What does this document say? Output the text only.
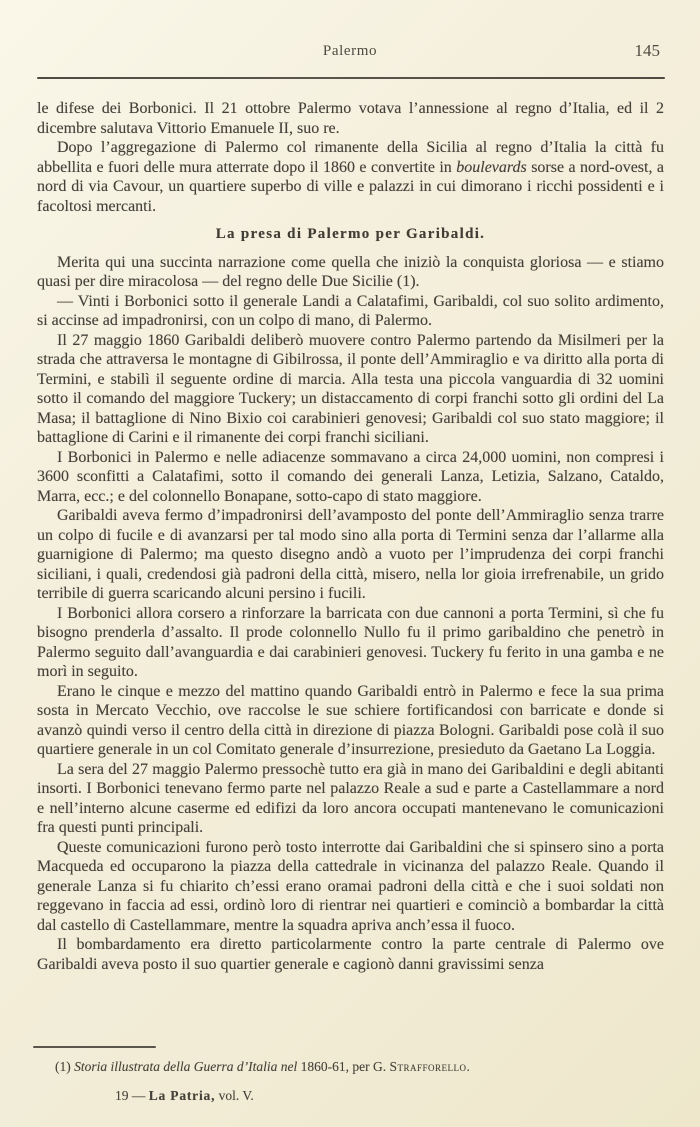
Palermo	145

le difese dei Borbonici. Il 21 ottobre Palermo votava l’annessione al regno d’Italia, ed il 2 dicembre salutava Vittorio Emanuele II, suo re.

Dopo l’aggregazione di Palermo col rimanente della Sicilia al regno d’Italia la città fu abbellita e fuori delle mura atterrate dopo il 1860 e convertite in boulevards sorse a nord-ovest, a nord di via Cavour, un quartiere superbo di ville e palazzi in cui dimorano i ricchi possidenti e i facoltosi mercanti.

La presa di Palermo per Garibaldi.

Merita qui una succinta narrazione come quella che iniziò la conquista gloriosa — e stiamo quasi per dire miracolosa — del regno delle Due Sicilie (1).

— Vinti i Borbonici sotto il generale Landi a Calatafimi, Garibaldi, col suo solito ardimento, si accinse ad impadronirsi, con un colpo di mano, di Palermo.

Il 27 maggio 1860 Garibaldi deliberò muovere contro Palermo partendo da Misilmeri per la strada che attraversa le montagne di Gibilrossa, il ponte dell’Ammiraglio e va diritto alla porta di Termini, e stabilì il seguente ordine di marcia. Alla testa una piccola vanguardia di 32 uomini sotto il comando del maggiore Tuckery; un distaccamento di corpi franchi sotto gli ordini del La Masa; il battaglione di Nino Bixio coi carabinieri genovesi; Garibaldi col suo stato maggiore; il battaglione di Carini e il rimanente dei corpi franchi siciliani.

I Borbonici in Palermo e nelle adiacenze sommavano a circa 24,000 uomini, non compresi i 3600 sconfitti a Calatafimi, sotto il comando dei generali Lanza, Letizia, Salzano, Cataldo, Marra, ecc.; e del colonnello Bonapane, sotto-capo di stato maggiore.

Garibaldi aveva fermo d’impadronirsi dell’avamposto del ponte dell’Ammiraglio senza trarre un colpo di fucile e di avanzarsi per tal modo sino alla porta di Termini senza dar l’allarme alla guarnigione di Palermo; ma questo disegno andò a vuoto per l’imprudenza dei corpi franchi siciliani, i quali, credendosi già padroni della città, misero, nella lor gioia irrefrenabile, un grido terribile di guerra scaricando alcuni persino i fucili.

I Borbonici allora corsero a rinforzare la barricata con due cannoni a porta Termini, sì che fu bisogno prenderla d’assalto. Il prode colonnello Nullo fu il primo garibaldino che penetrò in Palermo seguito dall’avanguardia e dai carabinieri genovesi. Tuckery fu ferito in una gamba e ne morì in seguito.

Erano le cinque e mezzo del mattino quando Garibaldi entrò in Palermo e fece la sua prima sosta in Mercato Vecchio, ove raccolse le sue schiere fortificandosi con barricate e donde si avanzò quindi verso il centro della città in direzione di piazza Bologni. Garibaldi pose colà il suo quartiere generale in un col Comitato generale d’insurrezione, presieduto da Gaetano La Loggia.

La sera del 27 maggio Palermo pressochè tutto era già in mano dei Garibaldini e degli abitanti insorti. I Borbonici tenevano fermo parte nel palazzo Reale a sud e parte a Castellammare a nord e nell’interno alcune caserme ed edifizi da loro ancora occupati mantenevano le comunicazioni fra questi punti principali.

Queste comunicazioni furono però tosto interrotte dai Garibaldini che si spinsero sino a porta Macqueda ed occuparono la piazza della cattedrale in vicinanza del palazzo Reale. Quando il generale Lanza si fu chiarito ch’essi erano oramai padroni della città e che i suoi soldati non reggevano in faccia ad essi, ordinò loro di rientrar nei quartieri e cominciò a bombardar la città dal castello di Castellammare, mentre la squadra apriva anch’essa il fuoco.

Il bombardamento era diretto particolarmente contro la parte centrale di Palermo ove Garibaldi aveva posto il suo quartier generale e cagionò danni gravissimi senza

(1) Storia illustrata della Guerra d’Italia nel 1860-61, per G. Strafforello.
19 — La Patria, vol. V.
